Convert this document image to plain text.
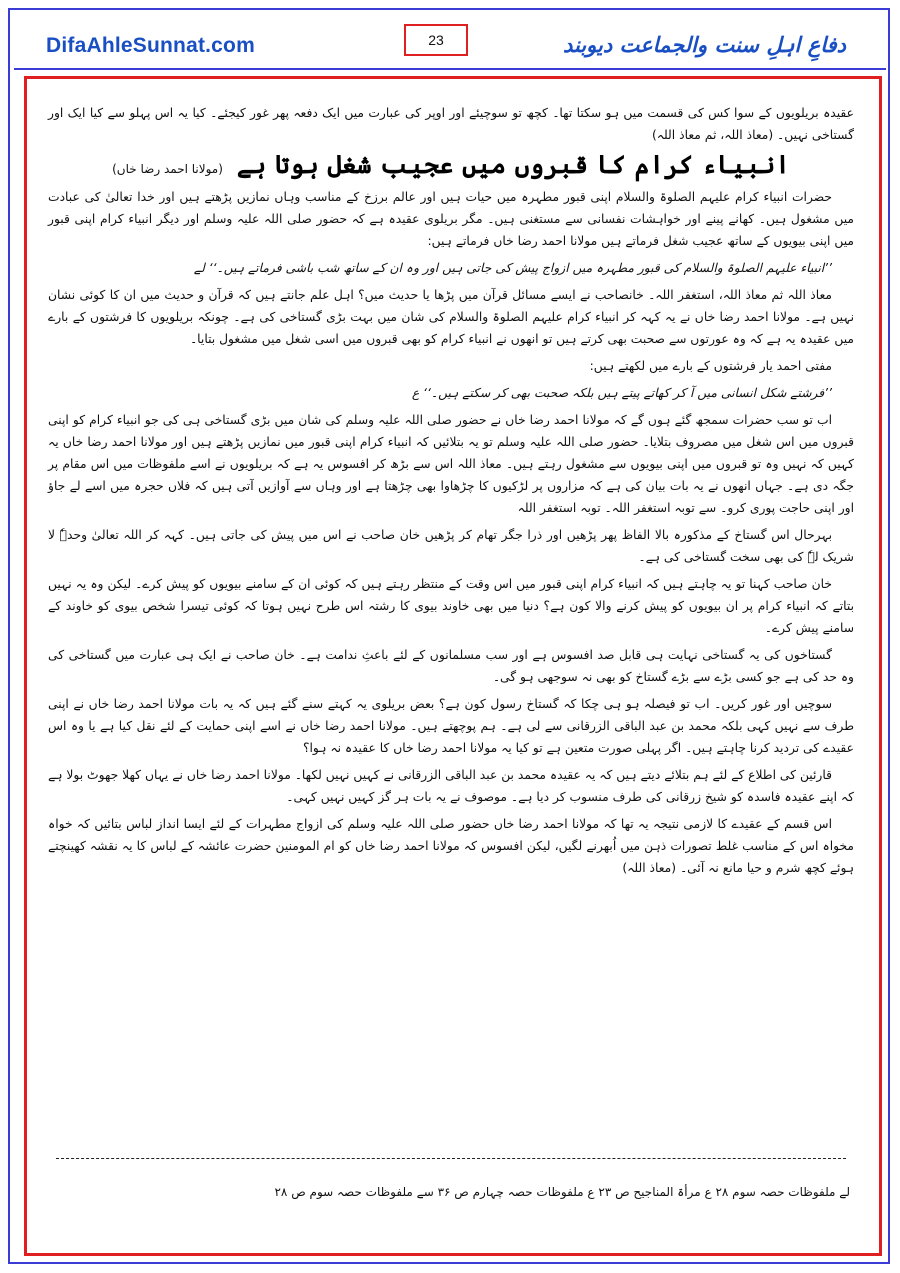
DifaAhleSunnat.com	23	دفاعِ اہلِ سنت والجماعت دیوبند

عقیدہ بریلویوں کے سوا کس کی قسمت میں ہو سکتا تھا۔ کچھ تو سوچیئے اور اوپر کی عبارت میں ایک دفعہ پھر غور کیجئے۔ کیا یہ اس پہلو سے کیا ایک اور گستاخی نہیں۔ (معاذ اللہ، ثم معاذ اللہ)

انبیاء کرام کا قبروں میں عجیب شغل ہوتا ہے (مولانا احمد رضا خاں)

حضرات انبیاء کرام علیہم الصلوۃ والسلام اپنی قبور مطہرہ میں حیات ہیں اور عالم برزخ کے مناسب وہاں نمازیں پڑھتے ہیں اور خدا تعالیٰ کی عبادت میں مشغول ہیں۔ کھانے پینے اور خواہشات نفسانی سے مستغنی ہیں۔ مگر بریلوی عقیدہ ہے کہ حضور صلی اللہ علیہ وسلم اور دیگر انبیاء کرام اپنی قبور میں اپنی بیویوں کے ساتھ عجیب شغل فرماتے ہیں مولانا احمد رضا خاں فرماتے ہیں:

’’انبیاء علیہم الصلوۃ والسلام کی قبور مطہرہ میں ازواج پیش کی جاتی ہیں اور وہ ان کے ساتھ شب باشی فرماتے ہیں۔‘‘ لے

معاذ اللہ ثم معاذ اللہ، استغفر اللہ۔ خانصاحب نے ایسے مسائل قرآن میں پڑھا یا حدیث میں؟ اہل علم جانتے ہیں کہ قرآن و حدیث میں ان کا کوئی نشان نہیں ہے۔ مولانا احمد رضا خاں نے یہ کہہ کر انبیاء کرام علیہم الصلوۃ والسلام کی شان میں بہت بڑی گستاخی کی ہے۔ چونکہ بریلویوں کا فرشتوں کے بارے میں عقیدہ یہ ہے کہ وہ عورتوں سے صحبت بھی کرتے ہیں تو انھوں نے انبیاء کرام کو بھی قبروں میں اسی شغل میں مشغول بتایا۔

مفتی احمد یار فرشتوں کے بارے میں لکھتے ہیں:

’’فرشتے شکل انسانی میں آ کر کھاتے پیتے ہیں بلکہ صحبت بھی کر سکتے ہیں۔‘‘ ع

اب تو سب حضرات سمجھ گئے ہوں گے کہ مولانا احمد رضا خاں نے حضور صلی اللہ علیہ وسلم کی شان میں بڑی گستاخی ہی کی جو انبیاء کرام کو اپنی قبروں میں اس شغل میں مصروف بتلایا۔ حضور صلی اللہ علیہ وسلم تو یہ بتلائیں کہ انبیاء کرام اپنی قبور میں نمازیں پڑھتے ہیں اور مولانا احمد رضا خاں یہ کہیں کہ نہیں وہ تو قبروں میں اپنی بیویوں سے مشغول رہتے ہیں۔ معاذ اللہ اس سے بڑھ کر افسوس یہ ہے کہ بریلویوں نے اسے ملفوظات میں اس مقام پر جگہ دی ہے۔ جہاں انھوں نے یہ بات بیان کی ہے کہ مزاروں پر لڑکیوں کا چڑھاوا بھی چڑھتا ہے اور وہاں سے آوازیں آتی ہیں کہ فلاں حجرہ میں اسے لے جاؤ اور اپنی حاجت پوری کرو۔ سے توبہ استغفر اللہ۔ توبہ استغفر اللہ

بہرحال اس گستاخ کے مذکورہ بالا الفاظ پھر پڑھیں اور ذرا جگر تھام کر پڑھیں خان صاحب نے اس میں پیش کی جاتی ہیں۔ کہہ کر اللہ تعالیٰ وحدہٗ لا شریک لہٗ کی بھی سخت گستاخی کی ہے۔

خان صاحب کہنا تو یہ چاہتے ہیں کہ انبیاء کرام اپنی قبور میں اس وقت کے منتظر رہتے ہیں کہ کوئی ان کے سامنے بیویوں کو پیش کرے۔ لیکن وہ یہ نہیں بتاتے کہ انبیاء کرام پر ان بیویوں کو پیش کرنے والا کون ہے؟ دنیا میں بھی خاوند بیوی کا رشتہ اس طرح نہیں ہوتا کہ کوئی تیسرا شخص بیوی کو خاوند کے سامنے پیش کرے۔

گستاخوں کی یہ گستاخی نہایت ہی قابل صد افسوس ہے اور سب مسلمانوں کے لئے باعثِ ندامت ہے۔ خان صاحب نے ایک ہی عبارت میں گستاخی کی وہ حد کی ہے جو کسی بڑے سے بڑے گستاخ کو بھی نہ سوجھی ہو گی۔

سوچیں اور غور کریں۔ اب تو فیصلہ ہو ہی چکا کہ گستاخ رسول کون ہے؟ بعض بریلوی یہ کہتے سنے گئے ہیں کہ یہ بات مولانا احمد رضا خاں نے اپنی طرف سے نہیں کہی بلکہ محمد بن عبد الباقی الزرقانی سے لی ہے۔ ہم پوچھتے ہیں۔ مولانا احمد رضا خاں نے اسے اپنی حمایت کے لئے نقل کیا ہے یا وہ اس عقیدے کی تردید کرنا چاہتے ہیں۔ اگر پہلی صورت متعین ہے تو کیا یہ مولانا احمد رضا خاں کا عقیدہ نہ ہوا؟

قارئین کی اطلاع کے لئے ہم بتلائے دیتے ہیں کہ یہ عقیدہ محمد بن عبد الباقی الزرقانی نے کہیں نہیں لکھا۔ مولانا احمد رضا خاں نے یہاں کھلا جھوٹ بولا ہے کہ اپنے عقیدہ فاسدہ کو شیخ زرقانی کی طرف منسوب کر دیا ہے۔ موصوف نے یہ بات ہر گز کہیں نہیں کہی۔

اس قسم کے عقیدے کا لازمی نتیجہ یہ تھا کہ مولانا احمد رضا خاں حضور صلی اللہ علیہ وسلم کی ازواج مطہرات کے لئے ایسا انداز لباس بتائیں کہ خواہ مخواہ اس کے مناسب غلط تصورات ذہن میں اُبھرنے لگیں، لیکن افسوس کہ مولانا احمد رضا خاں کو ام المومنین حضرت عائشہ کے لباس کا یہ نقشہ کھینچتے ہوئے کچھ شرم و حیا مانع نہ آئی۔ (معاذ اللہ)

لے ملفوظات حصہ سوم ۲۸ ع مرأۃ المناجیح ص ۲۳ ع ملفوظات حصہ چہارم ص ۳۶ سے ملفوظات حصہ سوم ص ۲۸
